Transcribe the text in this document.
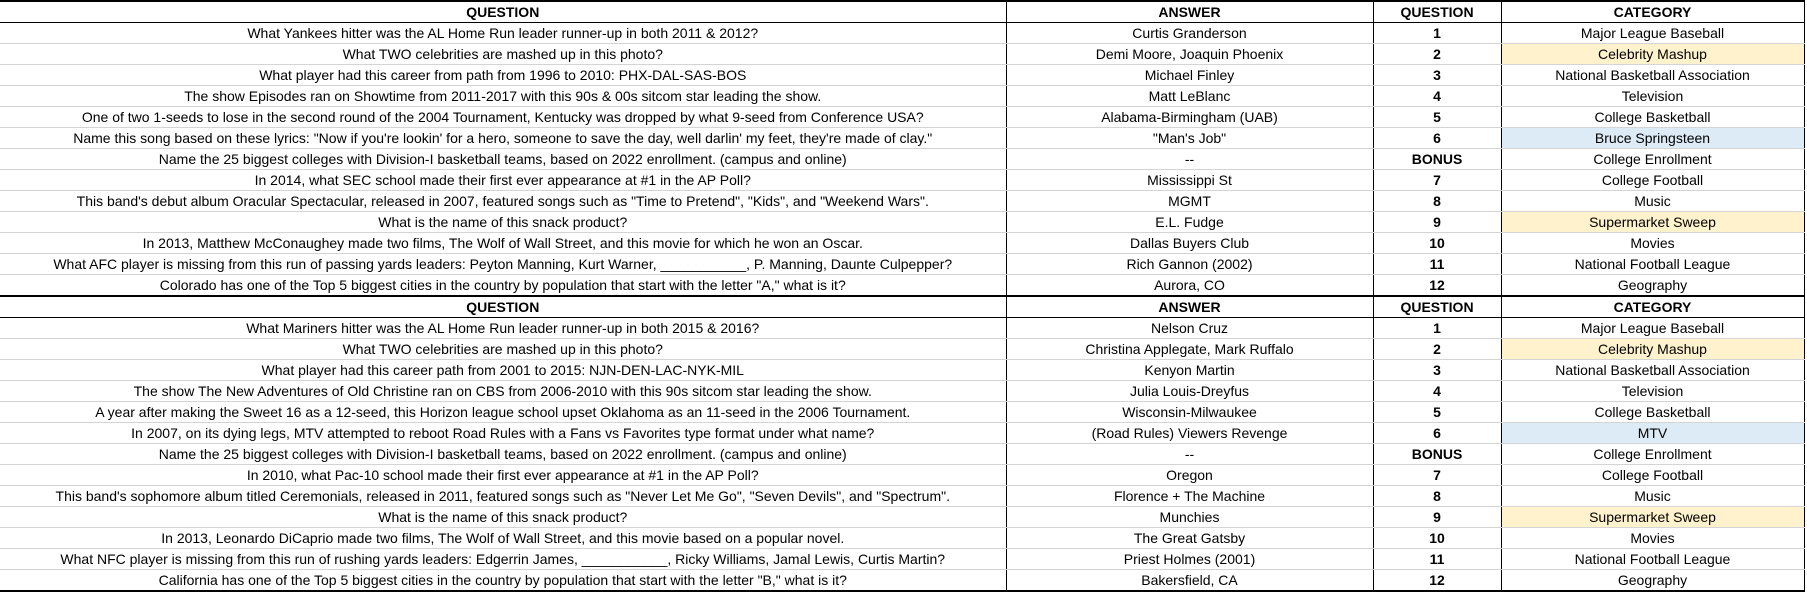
QUESTION	ANSWER	QUESTION	CATEGORY
What Yankees hitter was the AL Home Run leader runner-up in both 2011 & 2012?	Curtis Granderson	1	Major League Baseball
What TWO celebrities are mashed up in this photo?	Demi Moore, Joaquin Phoenix	2	Celebrity Mashup
What player had this career from path from 1996 to 2010: PHX-DAL-SAS-BOS	Michael Finley	3	National Basketball Association
The show Episodes ran on Showtime from 2011-2017 with this 90s & 00s sitcom star leading the show.	Matt LeBlanc	4	Television
One of two 1-seeds to lose in the second round of the 2004 Tournament, Kentucky was dropped by what 9-seed from Conference USA?	Alabama-Birmingham (UAB)	5	College Basketball
Name this song based on these lyrics: "Now if you're lookin' for a hero, someone to save the day, well darlin' my feet, they're made of clay."	"Man's Job"	6	Bruce Springsteen
Name the 25 biggest colleges with Division-I basketball teams, based on 2022 enrollment. (campus and online)	--	BONUS	College Enrollment
In 2014, what SEC school made their first ever appearance at #1 in the AP Poll?	Mississippi St	7	College Football
This band's debut album Oracular Spectacular, released in 2007, featured songs such as "Time to Pretend", "Kids", and "Weekend Wars".	MGMT	8	Music
What is the name of this snack product?	E.L. Fudge	9	Supermarket Sweep
In 2013, Matthew McConaughey made two films, The Wolf of Wall Street, and this movie for which he won an Oscar.	Dallas Buyers Club	10	Movies
What AFC player is missing from this run of passing yards leaders: Peyton Manning, Kurt Warner, ___________, P. Manning, Daunte Culpepper?	Rich Gannon (2002)	11	National Football League
Colorado has one of the Top 5 biggest cities in the country by population that start with the letter "A," what is it?	Aurora, CO	12	Geography
QUESTION	ANSWER	QUESTION	CATEGORY
What Mariners hitter was the AL Home Run leader runner-up in both 2015 & 2016?	Nelson Cruz	1	Major League Baseball
What TWO celebrities are mashed up in this photo?	Christina Applegate, Mark Ruffalo	2	Celebrity Mashup
What player had this career path from 2001 to 2015: NJN-DEN-LAC-NYK-MIL	Kenyon Martin	3	National Basketball Association
The show The New Adventures of Old Christine ran on CBS from 2006-2010 with this 90s sitcom star leading the show.	Julia Louis-Dreyfus	4	Television
A year after making the Sweet 16 as a 12-seed, this Horizon league school upset Oklahoma as an 11-seed in the 2006 Tournament.	Wisconsin-Milwaukee	5	College Basketball
In 2007, on its dying legs, MTV attempted to reboot Road Rules with a Fans vs Favorites type format under what name?	(Road Rules) Viewers Revenge	6	MTV
Name the 25 biggest colleges with Division-I basketball teams, based on 2022 enrollment. (campus and online)	--	BONUS	College Enrollment
In 2010, what Pac-10 school made their first ever appearance at #1 in the AP Poll?	Oregon	7	College Football
This band's sophomore album titled Ceremonials, released in 2011, featured songs such as "Never Let Me Go", "Seven Devils", and "Spectrum".	Florence + The Machine	8	Music
What is the name of this snack product?	Munchies	9	Supermarket Sweep
In 2013, Leonardo DiCaprio made two films, The Wolf of Wall Street, and this movie based on a popular novel.	The Great Gatsby	10	Movies
What NFC player is missing from this run of rushing yards leaders: Edgerrin James, ___________, Ricky Williams, Jamal Lewis, Curtis Martin?	Priest Holmes (2001)	11	National Football League
California has one of the Top 5 biggest cities in the country by population that start with the letter "B," what is it?	Bakersfield, CA	12	Geography
